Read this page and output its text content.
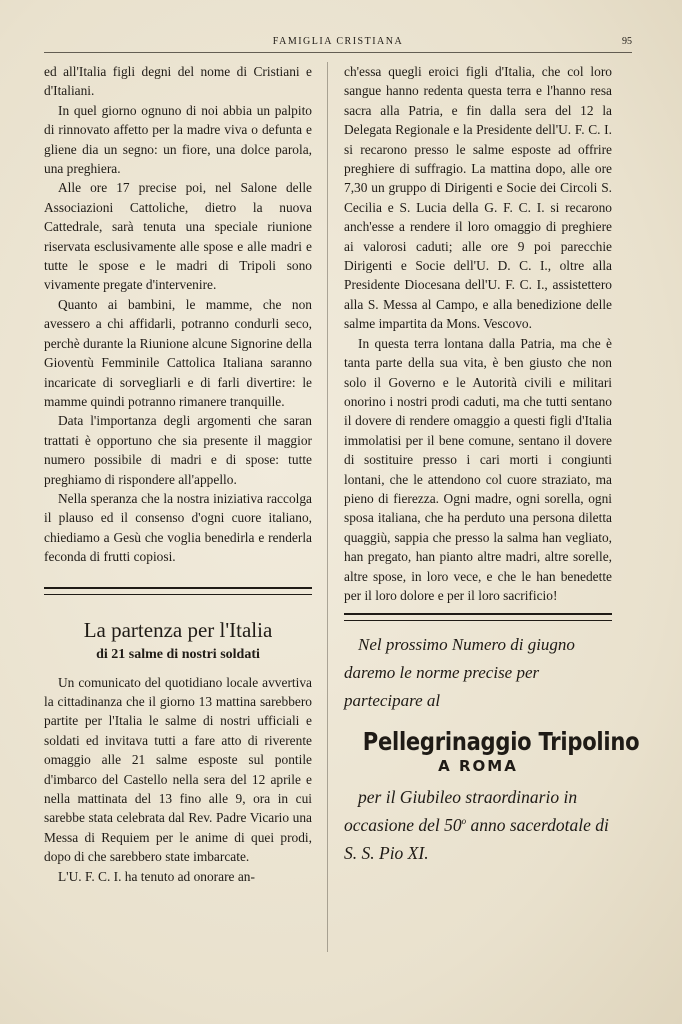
FAMIGLIA CRISTIANA	95

ed all'Italia figli degni del nome di Cristiani e d'Italiani.

In quel giorno ognuno di noi abbia un palpito di rinnovato affetto per la madre viva o defunta e gliene dia un segno: un fiore, una dolce parola, una preghiera.

Alle ore 17 precise poi, nel Salone delle Associazioni Cattoliche, dietro la nuova Cattedrale, sarà tenuta una speciale riunione riservata esclusivamente alle spose e alle madri e tutte le spose e le madri di Tripoli sono vivamente pregate d'intervenire.

Quanto ai bambini, le mamme, che non avessero a chi affidarli, potranno condurli seco, perchè durante la Riunione alcune Signorine della Gioventù Femminile Cattolica Italiana saranno incaricate di sorvegliarli e di farli divertire: le mamme quindi potranno rimanere tranquille.

Data l'importanza degli argomenti che saran trattati è opportuno che sia presente il maggior numero possibile di madri e di spose: tutte preghiamo di rispondere all'appello.

Nella speranza che la nostra iniziativa raccolga il plauso ed il consenso d'ogni cuore italiano, chiediamo a Gesù che voglia benedirla e renderla feconda di frutti copiosi.

La partenza per l'Italia
di 21 salme di nostri soldati

Un comunicato del quotidiano locale avvertiva la cittadinanza che il giorno 13 mattina sarebbero partite per l'Italia le salme di nostri ufficiali e soldati ed invitava tutti a fare atto di riverente omaggio alle 21 salme esposte sul pontile d'imbarco del Castello nella sera del 12 aprile e nella mattinata del 13 fino alle 9, ora in cui sarebbe stata celebrata dal Rev. Padre Vicario una Messa di Requiem per le anime di quei prodi, dopo di che sarebbero state imbarcate.

L'U. F. C. I. ha tenuto ad onorare an-

ch'essa quegli eroici figli d'Italia, che col loro sangue hanno redenta questa terra e l'hanno resa sacra alla Patria, e fin dalla sera del 12 la Delegata Regionale e la Presidente dell'U. F. C. I. si recarono presso le salme esposte ad offrire preghiere di suffragio. La mattina dopo, alle ore 7,30 un gruppo di Dirigenti e Socie dei Circoli S. Cecilia e S. Lucia della G. F. C. I. si recarono anch'esse a rendere il loro omaggio di preghiere ai valorosi caduti; alle ore 9 poi parecchie Dirigenti e Socie dell'U. D. C. I., oltre alla Presidente Diocesana dell'U. F. C. I., assistettero alla S. Messa al Campo, e alla benedizione delle salme impartita da Mons. Vescovo.

In questa terra lontana dalla Patria, ma che è tanta parte della sua vita, è ben giusto che non solo il Governo e le Autorità civili e militari onorino i nostri prodi caduti, ma che tutti sentano il dovere di rendere omaggio a questi figli d'Italia immolatisi per il bene comune, sentano il dovere di sostituire presso i cari morti i congiunti lontani, che le attendono col cuore straziato, ma pieno di fierezza. Ogni madre, ogni sorella, ogni sposa italiana, che ha perduto una persona diletta quaggiù, sappia che presso la salma han vegliato, han pregato, han pianto altre madri, altre sorelle, altre spose, in loro vece, e che le han benedette per il loro dolore e per il loro sacrificio!

Nel prossimo Numero di giugno daremo le norme precise per partecipare al

Pellegrinaggio Tripolino
A ROMA

per il Giubileo straordinario in occasione del 50$^o$ anno sacerdotale di S. S. Pio XI.
